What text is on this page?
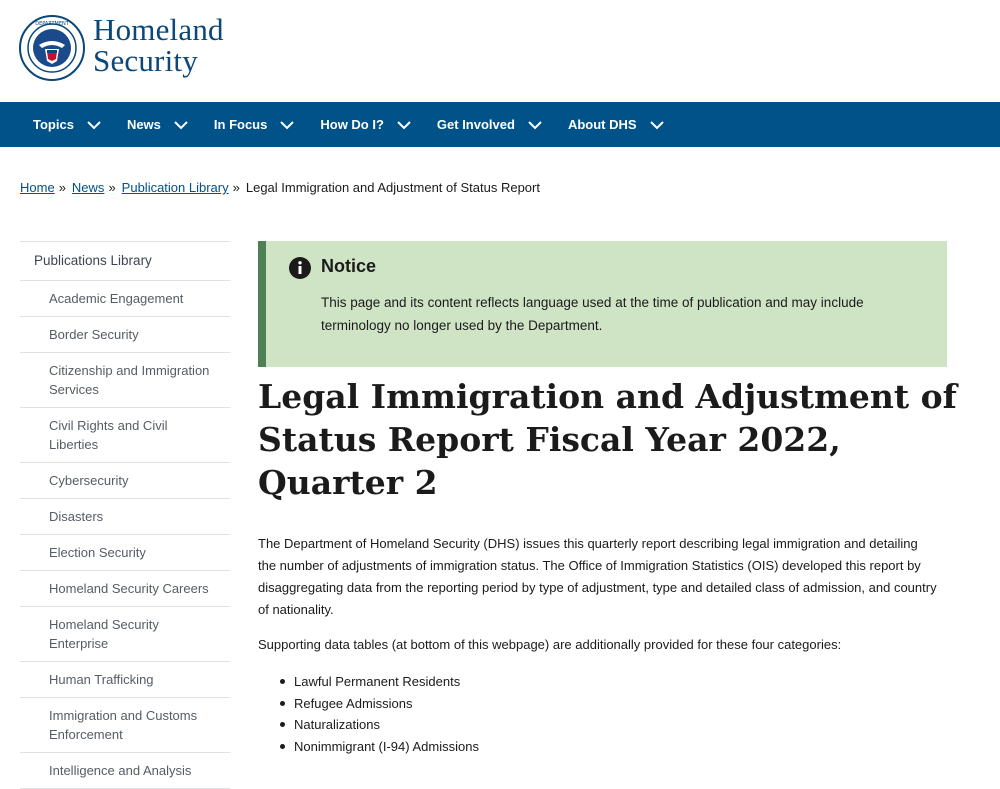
DEPARTMENT Homeland
Security
Topics	News	In Focus	How Do I?	Get Involved	About DHS
Home » News » Publication Library » Legal Immigration and Adjustment of Status Report
Publications Library
Academic Engagement
Border Security
Citizenship and Immigration Services
Civil Rights and Civil Liberties
Cybersecurity
Disasters
Election Security
Homeland Security Careers
Homeland Security Enterprise
Human Trafficking
Immigration and Customs Enforcement
Intelligence and Analysis
Notice
This page and its content reflects language used at the time of publication and may include terminology no longer used by the Department.
Legal Immigration and Adjustment of Status Report Fiscal Year 2022, Quarter 2

The Department of Homeland Security (DHS) issues this quarterly report describing legal immigration and detailing the number of adjustments of immigration status. The Office of Immigration Statistics (OIS) developed this report by disaggregating data from the reporting period by type of adjustment, type and detailed class of admission, and country of nationality.

Supporting data tables (at bottom of this webpage) are additionally provided for these four categories:

Lawful Permanent Residents
Refugee Admissions
Naturalizations
Nonimmigrant (I-94) Admissions
